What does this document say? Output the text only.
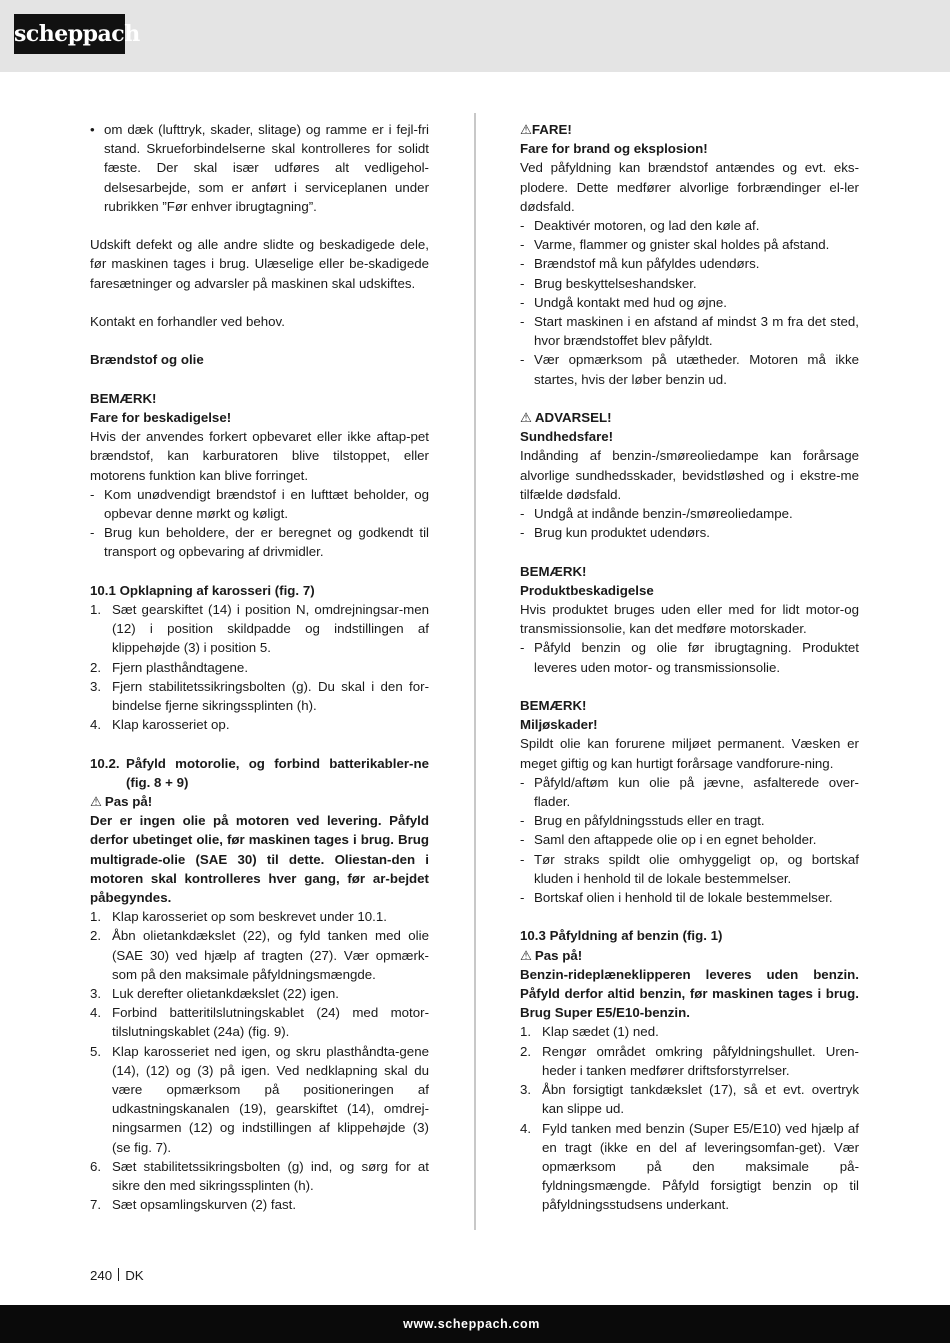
scheppach
• om dæk (lufttryk, skader, slitage) og ramme er i fejl-fri stand. Skrueforbindelserne skal kontrolleres for solidt fæste. Der skal især udføres alt vedligehol-delsesarbejde, som er anført i serviceplanen under rubrikken ”Før enhver ibrugtagning”.

Udskift defekt og alle andre slidte og beskadigede dele, før maskinen tages i brug. Ulæselige eller be-skadigede faresætninger og advarsler på maskinen skal udskiftes.

Kontakt en forhandler ved behov.

Brændstof og olie

BEMÆRK!

Fare for beskadigelse!

Hvis der anvendes forkert opbevaret eller ikke aftap-pet brændstof, kan karburatoren blive tilstoppet, eller motorens funktion kan blive forringet.

- Kom unødvendigt brændstof i en lufttæt beholder, og opbevar denne mørkt og køligt.
- Brug kun beholdere, der er beregnet og godkendt til transport og opbevaring af drivmidler.

10.1 Opklapning af karosseri (fig. 7)

1. Sæt gearskiftet (14) i position N, omdrejningsar-men (12) i position skildpadde og indstillingen af klippehøjde (3) i position 5.
2. Fjern plasthåndtagene.
3. Fjern stabilitetssikringsbolten (g). Du skal i den for-bindelse fjerne sikringssplinten (h).
4. Klap karosseriet op.
10.2. Påfyld motorolie, og forbind batterikabler-ne (fig. 8 + 9)

⚠ Pas på!

Der er ingen olie på motoren ved levering. Påfyld derfor ubetinget olie, før maskinen tages i brug. Brug multigrade-olie (SAE 30) til dette. Oliestan-den i motoren skal kontrolleres hver gang, før ar-bejdet påbegyndes.

1. Klap karosseriet op som beskrevet under 10.1.
2. Åbn olietankdækslet (22), og fyld tanken med olie (SAE 30) ved hjælp af tragten (27). Vær opmærk-som på den maksimale påfyldningsmængde.
3. Luk derefter olietankdækslet (22) igen.
4. Forbind batteritilslutningskablet (24) med motor-tilslutningskablet (24a) (fig. 9).
5. Klap karosseriet ned igen, og skru plasthåndta-gene (14), (12) og (3) på igen. Ved nedklapning skal du være opmærksom på positioneringen af udkastningskanalen (19), gearskiftet (14), omdrej-ningsarmen (12) og indstillingen af klippehøjde (3) (se fig. 7).
6. Sæt stabilitetssikringsbolten (g) ind, og sørg for at sikre den med sikringssplinten (h).
7. Sæt opsamlingskurven (2) fast.

⚠FARE!

Fare for brand og eksplosion!

Ved påfyldning kan brændstof antændes og evt. eks-plodere. Dette medfører alvorlige forbrændinger el-ler dødsfald.

- Deaktivér motoren, og lad den køle af.
- Varme, flammer og gnister skal holdes på afstand.
- Brændstof må kun påfyldes udendørs.
- Brug beskyttelseshandsker.
- Undgå kontakt med hud og øjne.
- Start maskinen i en afstand af mindst 3 m fra det sted, hvor brændstoffet blev påfyldt.
- Vær opmærksom på utætheder. Motoren må ikke startes, hvis der løber benzin ud.

⚠ ADVARSEL!

Sundhedsfare!

Indånding af benzin-/smøreoliedampe kan forårsage alvorlige sundhedsskader, bevidstløshed og i ekstre-me tilfælde dødsfald.

- Undgå at indånde benzin-/smøreoliedampe.
- Brug kun produktet udendørs.

BEMÆRK!

Produktbeskadigelse

Hvis produktet bruges uden eller med for lidt motor-og transmissionsolie, kan det medføre motorskader.

- Påfyld benzin og olie før ibrugtagning. Produktet leveres uden motor- og transmissionsolie.

BEMÆRK!

Miljøskader!

Spildt olie kan forurene miljøet permanent. Væsken er meget giftig og kan hurtigt forårsage vandforure-ning.

- Påfyld/aftøm kun olie på jævne, asfalterede over-flader.
- Brug en påfyldningsstuds eller en tragt.
- Saml den aftappede olie op i en egnet beholder.
- Tør straks spildt olie omhyggeligt op, og bortskaf kluden i henhold til de lokale bestemmelser.
- Bortskaf olien i henhold til de lokale bestemmelser.

10.3 Påfyldning af benzin (fig. 1)

⚠ Pas på!

Benzin-ridepl​æneklipperen leveres uden benzin. Påfyld derfor altid benzin, før maskinen tages i brug. Brug Super E5/E10-benzin.

1. Klap sædet (1) ned.
2. Rengør området omkring påfyldningshullet. Uren-heder i tanken medfører driftsforstyrrelser.
3. Åbn forsigtigt tankdækslet (17), så et evt. overtryk kan slippe ud.
4. Fyld tanken med benzin (Super E5/E10) ved hjælp af en tragt (ikke en del af leveringsomfan-get). Vær opmærksom på den maksimale på-fyldningsmængde. Påfyld forsigtigt benzin op til påfyldningsstudsens underkant.
240 DK
www.scheppach.com
